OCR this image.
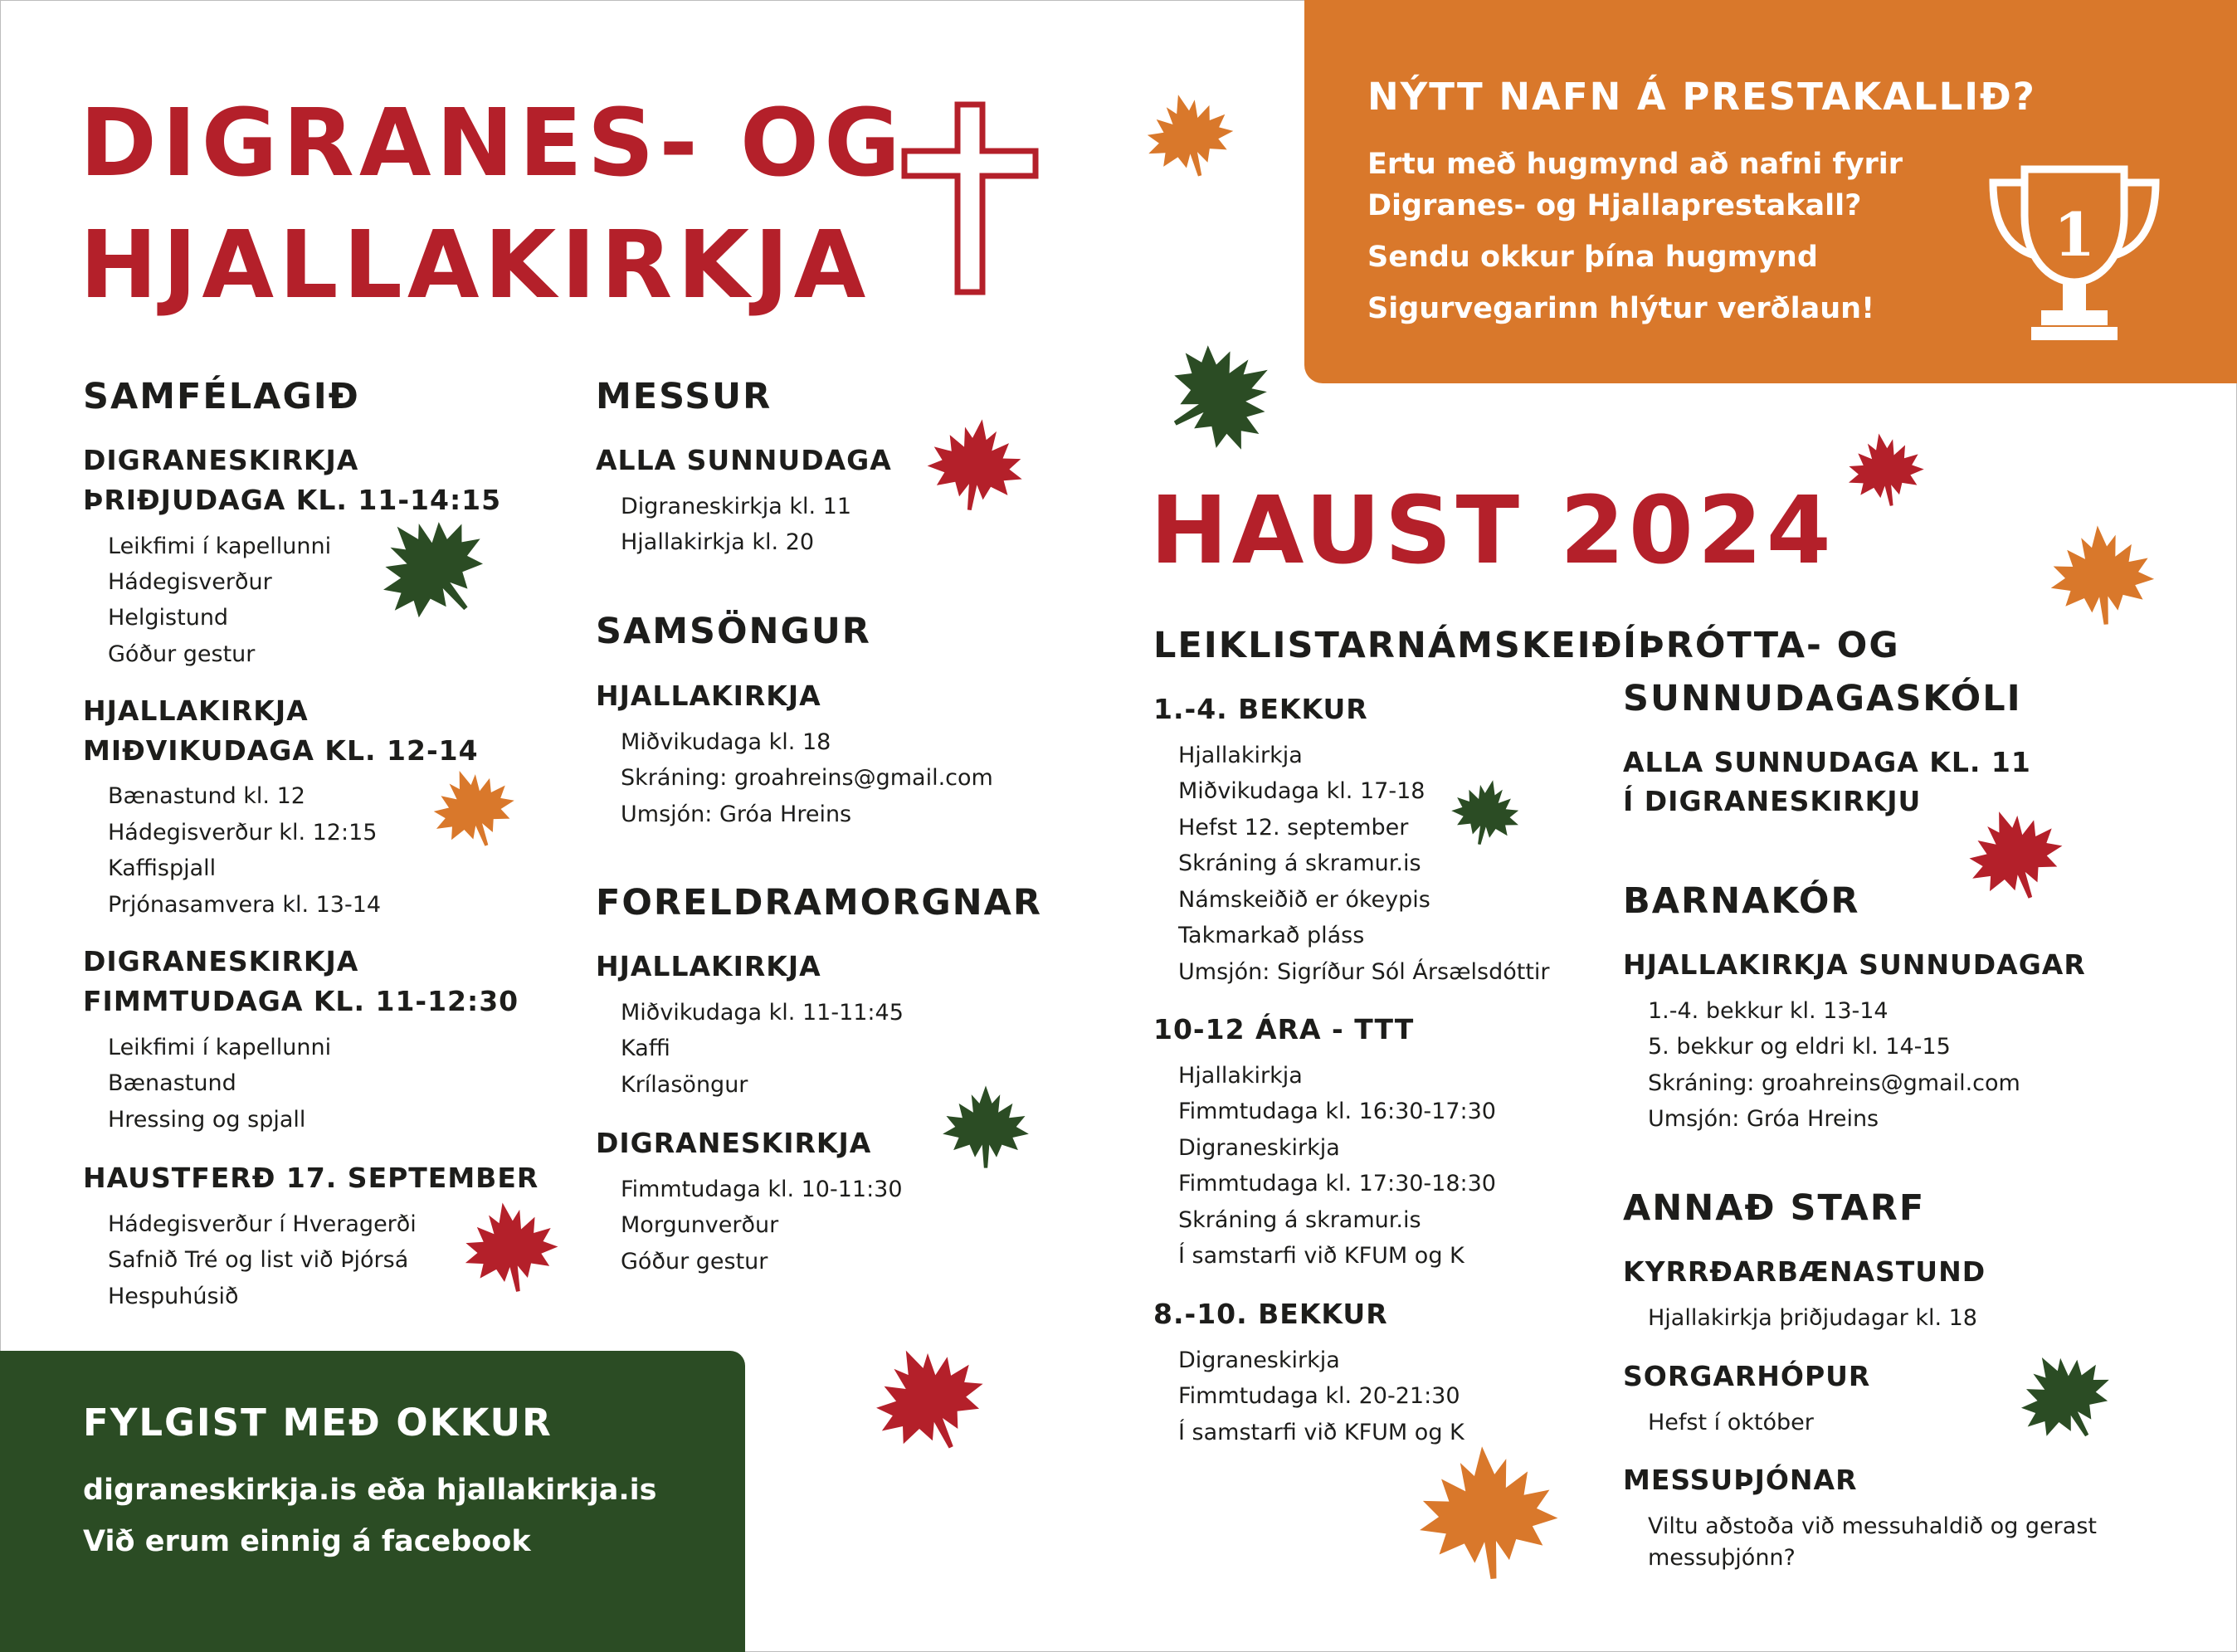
DIGRANES- OG
HJALLAKIRKJA
NÝTT NAFN Á PRESTAKALLIÐ?
Ertu með hugmynd að nafni fyrir
Digranes- og Hjallaprestakall?
Sendu okkur þína hugmynd
Sigurvegarinn hlýtur verðlaun!
1
HAUST 2024
SAMFÉLAGIÐ
DIGRANESKIRKJA
ÞRIÐJUDAGA KL. 11-14:15
Leikfimi í kapellunni
Hádegisverður
Helgistund
Góður gestur
HJALLAKIRKJA
MIÐVIKUDAGA KL. 12-14
Bænastund kl. 12
Hádegisverður kl. 12:15
Kaffispjall
Prjónasamvera kl. 13-14
DIGRANESKIRKJA
FIMMTUDAGA KL. 11-12:30
Leikfimi í kapellunni
Bænastund
Hressing og spjall
HAUSTFERÐ 17. SEPTEMBER
Hádegisverður í Hveragerði
Safnið Tré og list við Þjórsá
Hespuhúsið
MESSUR
ALLA SUNNUDAGA
Digraneskirkja kl. 11
Hjallakirkja kl. 20
SAMSÖNGUR
HJALLAKIRKJA
Miðvikudaga kl. 18
Skráning: groahreins@gmail.com
Umsjón: Gróa Hreins
FORELDRAMORGNAR
HJALLAKIRKJA
Miðvikudaga kl. 11-11:45
Kaffi
Krílasöngur
DIGRANESKIRKJA
Fimmtudaga kl. 10-11:30
Morgunverður
Góður gestur
LEIKLISTARNÁMSKEIÐ
1.-4. BEKKUR
Hjallakirkja
Miðvikudaga kl. 17-18
Hefst 12. september
Skráning á skramur.is
Námskeiðið er ókeypis
Takmarkað pláss
Umsjón: Sigríður Sól Ársælsdóttir
10-12 ÁRA - TTT
Hjallakirkja
Fimmtudaga kl. 16:30-17:30
Digraneskirkja
Fimmtudaga kl. 17:30-18:30
Skráning á skramur.is
Í samstarfi við KFUM og K
8.-10. BEKKUR
Digraneskirkja
Fimmtudaga kl. 20-21:30
Í samstarfi við KFUM og K
ÍÞRÓTTA- OG
SUNNUDAGASKÓLI
ALLA SUNNUDAGA KL. 11
Í DIGRANESKIRKJU
BARNAKÓR
HJALLAKIRKJA SUNNUDAGAR
1.-4. bekkur kl. 13-14
5. bekkur og eldri kl. 14-15
Skráning: groahreins@gmail.com
Umsjón: Gróa Hreins
ANNAÐ STARF
KYRRÐARBÆNASTUND
Hjallakirkja þriðjudagar kl. 18
SORGARHÓPUR
Hefst í október
MESSUÞJÓNAR
Viltu aðstoða við messuhaldið og gerast
messuþjónn?
FYLGIST MEÐ OKKUR
digraneskirkja.is eða hjallakirkja.is
Við erum einnig á facebook
